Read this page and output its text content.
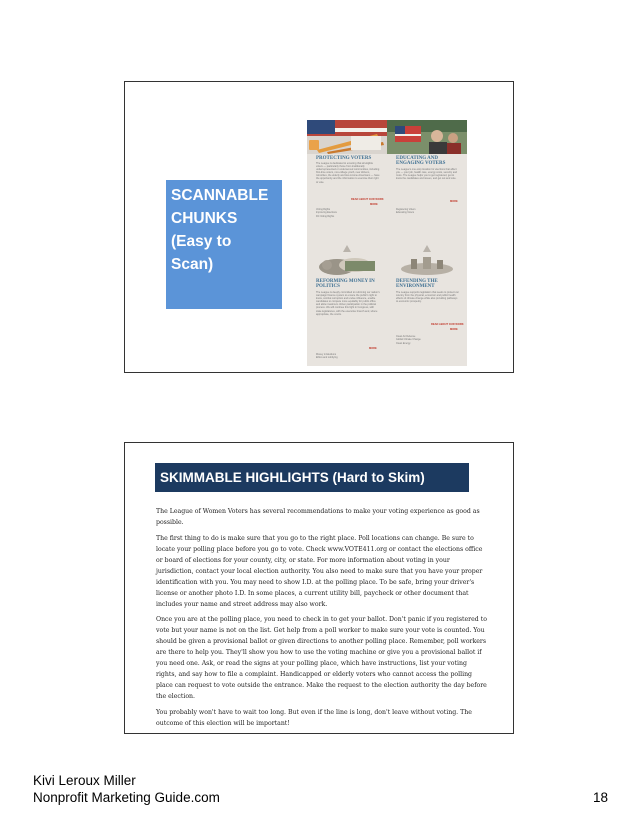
SCANNABLE
CHUNKS
(Easy to
Scan)
PROTECTING VOTERS
The League is dedicated to ensuring that all eligible voters — particularly those from traditionally underrepresented or underserved communities, including first-time voters, non-college youth, new citizens, minorities, the elderly and low-income Americans — have the opportunity and the information to exercise their right to vote.
READ ABOUT OUR WORK
MORE
Voting Rights
Improving Elections
DC Voting Rights
EDUCATING AND ENGAGING VOTERS
The League's one-stop location for elections that affect you — your job, health care, energy costs, security and more. The League helps you to get registered, get to know the candidates and issues, and get out and vote.
MORE
Registering Voters
Educating Voters
REFORMING MONEY IN POLITICS
The League is deeply committed to reforming our nation's campaign finance system to ensure the public's right to know, combat corruption and undue influence, enable candidates to compete more equitably for public office and allow maximum citizen participation in the political process. We will continue this fight in Congress, with state legislatures, with the executive branch and, where appropriate, the courts.
MORE
Money in Elections
Ethics and Lobbying
DEFENDING THE ENVIRONMENT
The League supports legislation that seeks to protect our country from the physical, economic and public health effects of climate change while also providing pathways to economic prosperity.
READ ABOUT OUR WORK
MORE
Clean Air Defense
Global Climate Change
Clean Energy
SKIMMABLE HIGHLIGHTS (Hard to Skim)

The League of Women Voters has several recommendations to make your voting experience as good as possible.

The first thing to do is make sure that you go to the right place. Poll locations can change. Be sure to locate your polling place before you go to vote. Check www.VOTE411.org or contact the elections office or board of elections for your county, city, or state. For more information about voting in your jurisdiction, contact your local election authority. You also need to make sure that you have your proper identification with you. You may need to show I.D. at the polling place. To be safe, bring your driver's license or another photo I.D. In some places, a current utility bill, paycheck or other document that includes your name and street address may also work.

Once you are at the polling place, you need to check in to get your ballot. Don't panic if you registered to vote but your name is not on the list. Get help from a poll worker to make sure your vote is counted. You should be given a provisional ballot or given directions to another polling place. Remember, poll workers are there to help you. They'll show you how to use the voting machine or give you a provisional ballot if you need one. Ask, or read the signs at your polling place, which have instructions, list your voting rights, and say how to file a complaint. Handicapped or elderly voters who cannot access the polling place can request to vote outside the entrance. Make the request to the election authority the day before the election.

You probably won't have to wait too long. But even if the line is long, don't leave without voting. The outcome of this election will be important!

Kivi Leroux Miller
Nonprofit Marketing Guide.com	18
